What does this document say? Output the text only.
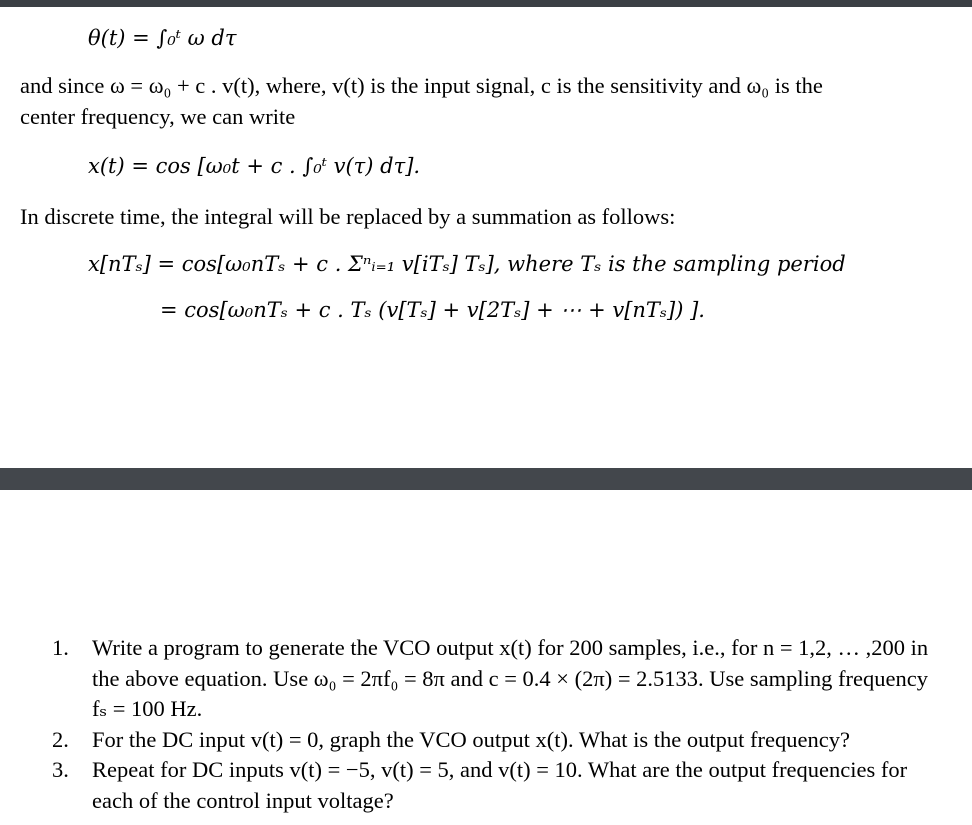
θ(t) = ∫₀ᵗ ω dτ
and since ω = ω₀ + c . v(t), where, v(t) is the input signal, c is the sensitivity and ω₀ is the
center frequency, we can write
x(t) = cos [ω₀t + c . ∫₀ᵗ v(τ) dτ].
In discrete time, the integral will be replaced by a summation as follows:
x[nTₛ] = cos[ω₀nTₛ + c . Σⁿᵢ₌₁ v[iTₛ] Tₛ], where Tₛ is the sampling period
= cos[ω₀nTₛ + c . Tₛ (v[Tₛ] + v[2Tₛ] + ⋯ + v[nTₛ]) ].
1. Write a program to generate the VCO output x(t) for 200 samples, i.e., for n = 1,2, … ,200 in the above equation. Use ω₀ = 2πf₀ = 8π and c = 0.4 × (2π) = 2.5133. Use sampling frequency fₛ = 100 Hz.
2. For the DC input v(t) = 0, graph the VCO output x(t). What is the output frequency?
3. Repeat for DC inputs v(t) = −5, v(t) = 5, and v(t) = 10. What are the output frequencies for each of the control input voltage?
